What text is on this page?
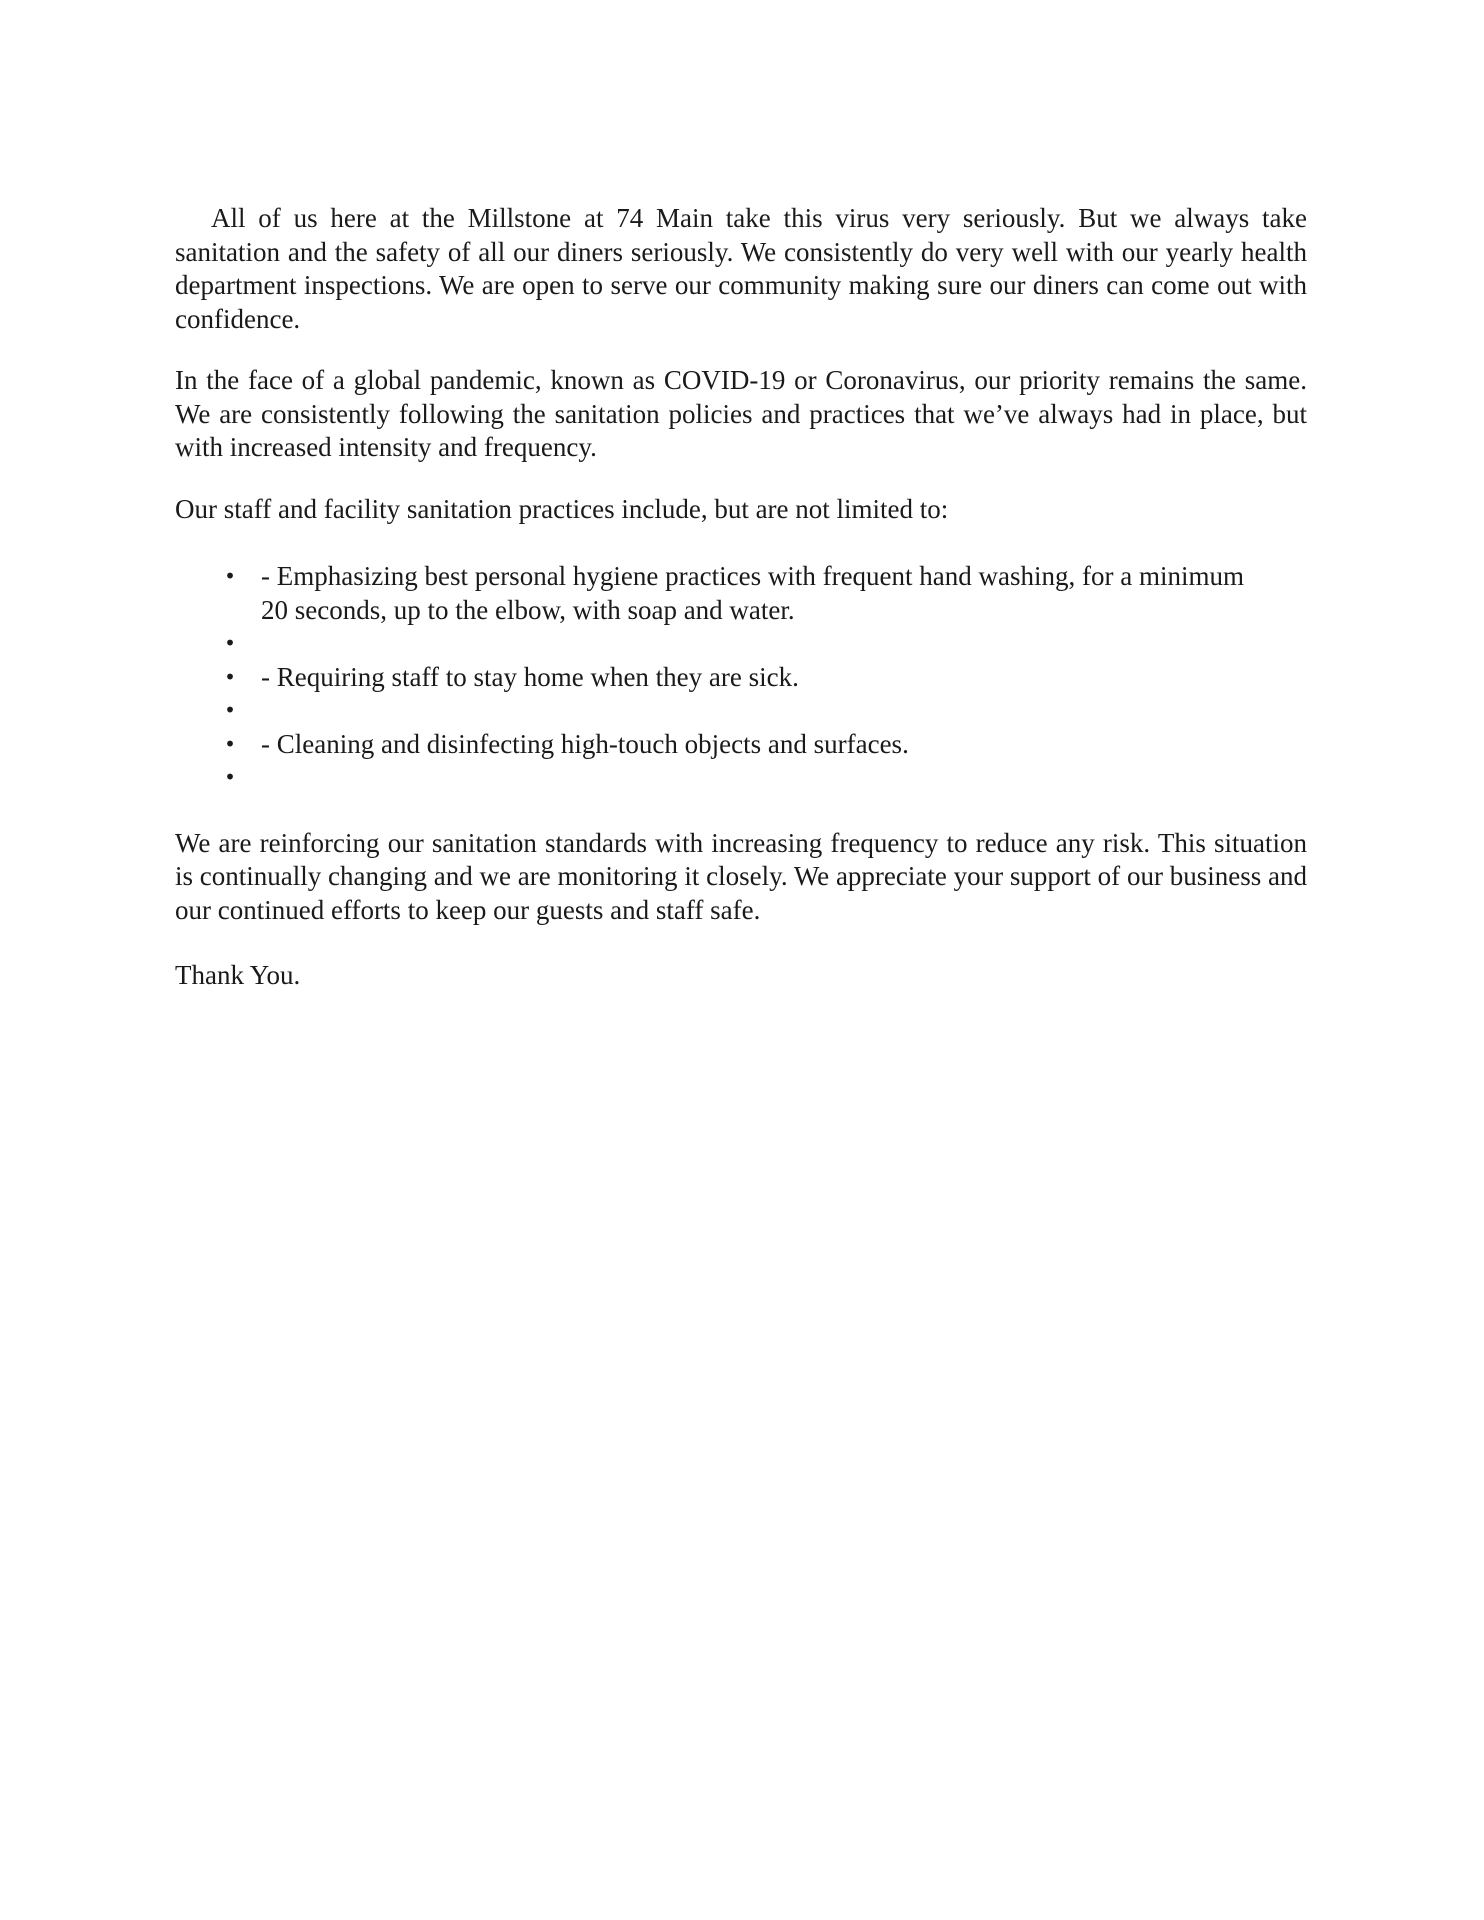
All of us here at the Millstone at 74 Main take this virus very seriously. But we always take sanitation and the safety of all our diners seriously. We consistently do very well with our yearly health department inspections. We are open to serve our community making sure our diners can come out with confidence.

In the face of a global pandemic, known as COVID-19 or Coronavirus, our priority remains the same. We are consistently following the sanitation policies and practices that we’ve always had in place, but with increased intensity and frequency.

Our staff and facility sanitation practices include, but are not limited to:

• - Emphasizing best personal hygiene practices with frequent hand washing, for a minimum 20 seconds, up to the elbow, with soap and water.
•
• - Requiring staff to stay home when they are sick.
•
• - Cleaning and disinfecting high-touch objects and surfaces.
•

We are reinforcing our sanitation standards with increasing frequency to reduce any risk. This situation is continually changing and we are monitoring it closely. We appreciate your support of our business and our continued efforts to keep our guests and staff safe.

Thank You.
